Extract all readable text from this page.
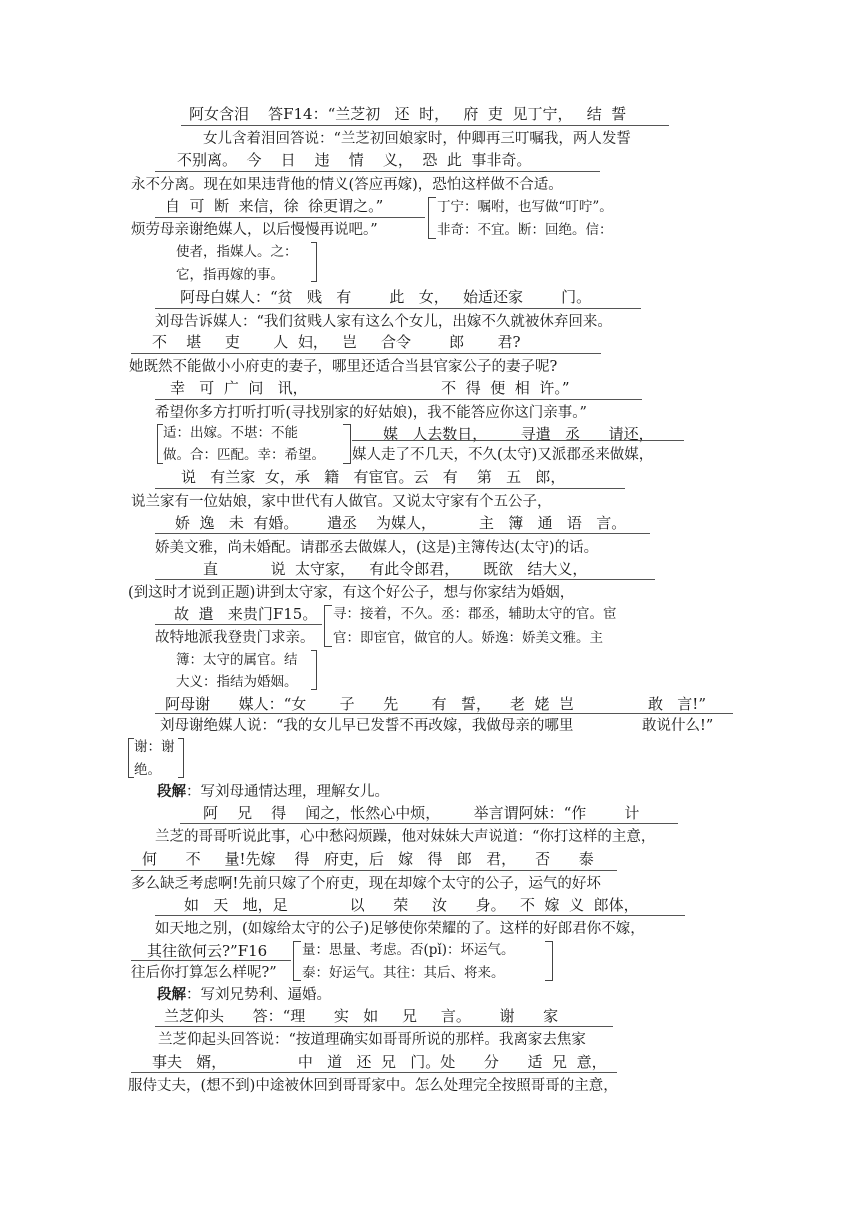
阿女含泪    答F14：“兰芝初   还  时，   府  吏  见丁宁，   结  誓
女儿含着泪回答说：“兰芝初回娘家时，仲卿再三叮嘱我，两人发誓
不别离。  今    日    违    情    义，  恐  此  事非奇。
永不分离。现在如果违背他的情义(答应再嫁)，恐怕这样做不合适。
自  可  断  来信，徐  徐更谓之。”
烦劳母亲谢绝媒人，以后慢慢再说吧。”
丁宁：嘱咐，也写做“叮咛”。
非奇：不宜。断：回绝。信：
使者，指媒人。之：
它，指再嫁的事。
阿母白媒人：“贫   贱   有        此   女，   始适还家        门。
刘母告诉媒人：“我们贫贱人家有这么个女儿，出嫁不久就被休弃回来。
不    堪     吏       人  妇，   岂     合令        郎       君?
她既然不能做小小府吏的妻子，哪里还适合当县官家公子的妻子呢?
幸   可  广  问   讯，                            不  得  便  相  许。”
希望你多方打听打听(寻找别家的好姑娘)，我不能答应你这门亲事。”
适：出嫁。不堪：不能
做。合：匹配。幸：希望。
媒   人去数日，       寻遣   丞      请还，
媒人走了不几天，不久(太守)又派郡丞来做媒，
说   有兰家  女，承   籍   有宦官。云   有    第   五   郎，
说兰家有一位姑娘，家中世代有人做官。又说太守家有个五公子，
娇  逸   未  有婚。      遣丞    为媒人，         主   簿   通   语   言。
娇美文雅，尚未婚配。请郡丞去做媒人，(这是)主簿传达(太守)的话。
直           说  太守家，   有此令郎君，     既欲   结大义，
(到这时才说到正题)讲到太守家，有这个好公子，想与你家结为婚姻，
故  遣   来贵门F15。
故特地派我登贵门求亲。
寻：接着，不久。丞：郡丞，辅助太守的官。宦
官：即宦官，做官的人。娇逸：娇美文雅。主
簿：太守的属官。结
大义：指结为婚姻。
阿母谢      媒人：“女       子      先       有   誓，    老  姥  岂	敢   言!”
刘母谢绝媒人说：“我的女儿早已发誓不再改嫁，我做母亲的哪里	敢说什么!”
谢：谢
绝。
段解：写刘母通情达理，理解女儿。
阿    兄    得    闻之，怅然心中烦，       举言谓阿妹：“作        计
兰芝的哥哥听说此事，心中愁闷烦躁，他对妹妹大声说道：“你打这样的主意，
何      不     量!先嫁    得   府吏，后   嫁   得   郎   君，    否      泰
多么缺乏考虑啊!先前只嫁了个府吏，现在却嫁个太守的公子，运气的好坏
如   天   地，足             以      荣     汝      身。   不  嫁  义  郎体，
如天地之别，(如嫁给太守的公子)足够使你荣耀的了。这样的好郎君你不嫁，
其往欲何云?”F16
往后你打算怎么样呢?”
量：思量、考虑。否(pǐ)：坏运气。
泰：好运气。其往：其后、将来。
段解：写刘兄势利、逼婚。
兰芝仰头      答：“理      实   如     兄     言。      谢      家
兰芝仰起头回答说：“按道理确实如哥哥所说的那样。我离家去焦家
事夫   婿，               中   道   还  兄   门。处      分      适  兄  意，
服侍丈夫，(想不到)中途被休回到哥哥家中。怎么处理完全按照哥哥的主意，
